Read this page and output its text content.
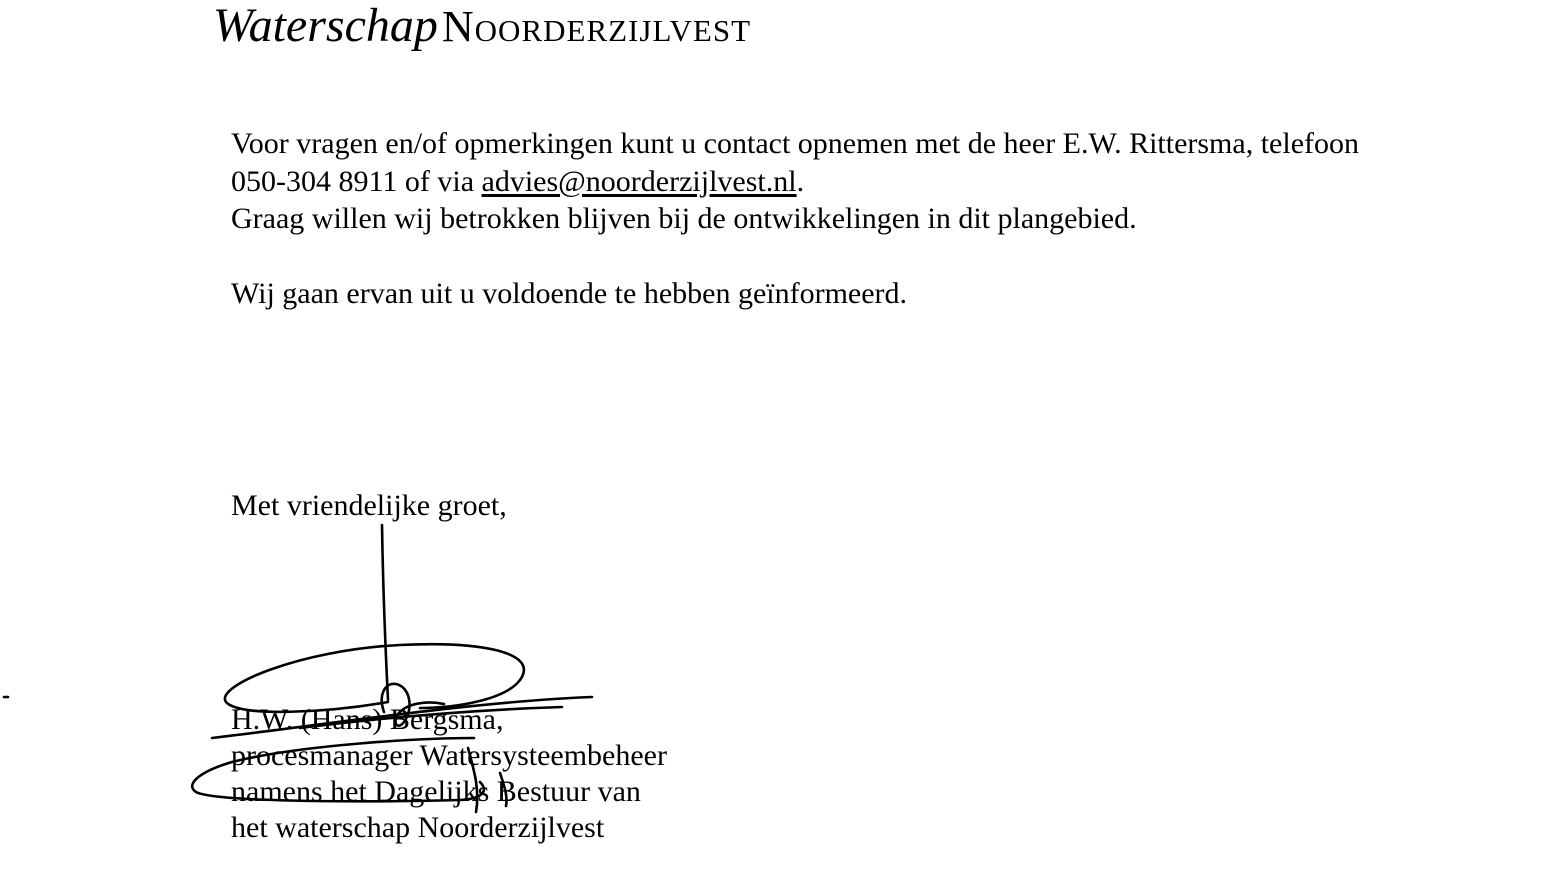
Waterschap Noorderzijlvest
Voor vragen en/of opmerkingen kunt u contact opnemen met de heer E.W. Rittersma, telefoon
050-304 8911 of via advies@noorderzijlvest.nl.
Graag willen wij betrokken blijven bij de ontwikkelingen in dit plangebied.
Wij gaan ervan uit u voldoende te hebben geïnformeerd.
Met vriendelijke groet,
H.W. (Hans) Bergsma,
procesmanager Watersysteembeheer
namens het Dagelijks Bestuur van
het waterschap Noorderzijlvest
